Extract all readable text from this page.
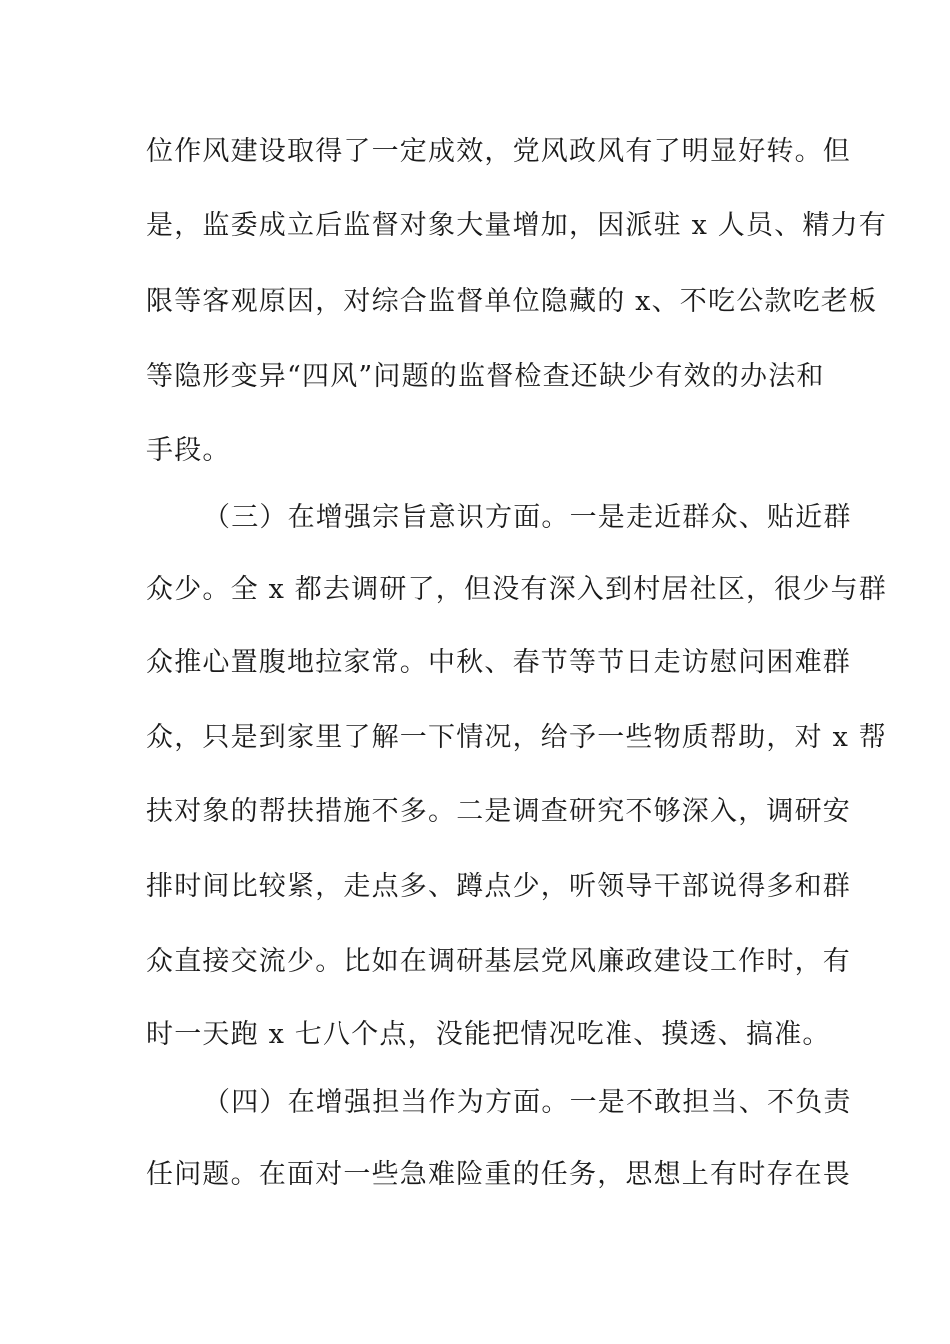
位作风建设取得了一定成效，党风政风有了明显好转。但
是，监委成立后监督对象大量增加，因派驻 x 人员、精力有
限等客观原因，对综合监督单位隐藏的 x、不吃公款吃老板
等隐形变异“四风”问题的监督检查还缺少有效的办法和
手段。
（三）在增强宗旨意识方面。一是走近群众、贴近群
众少。全 x 都去调研了，但没有深入到村居社区，很少与群
众推心置腹地拉家常。中秋、春节等节日走访慰问困难群
众，只是到家里了解一下情况，给予一些物质帮助，对 x 帮
扶对象的帮扶措施不多。二是调查研究不够深入，调研安
排时间比较紧，走点多、蹲点少，听领导干部说得多和群
众直接交流少。比如在调研基层党风廉政建设工作时，有
时一天跑 x 七八个点，没能把情况吃准、摸透、搞准。
（四）在增强担当作为方面。一是不敢担当、不负责
任问题。在面对一些急难险重的任务，思想上有时存在畏
